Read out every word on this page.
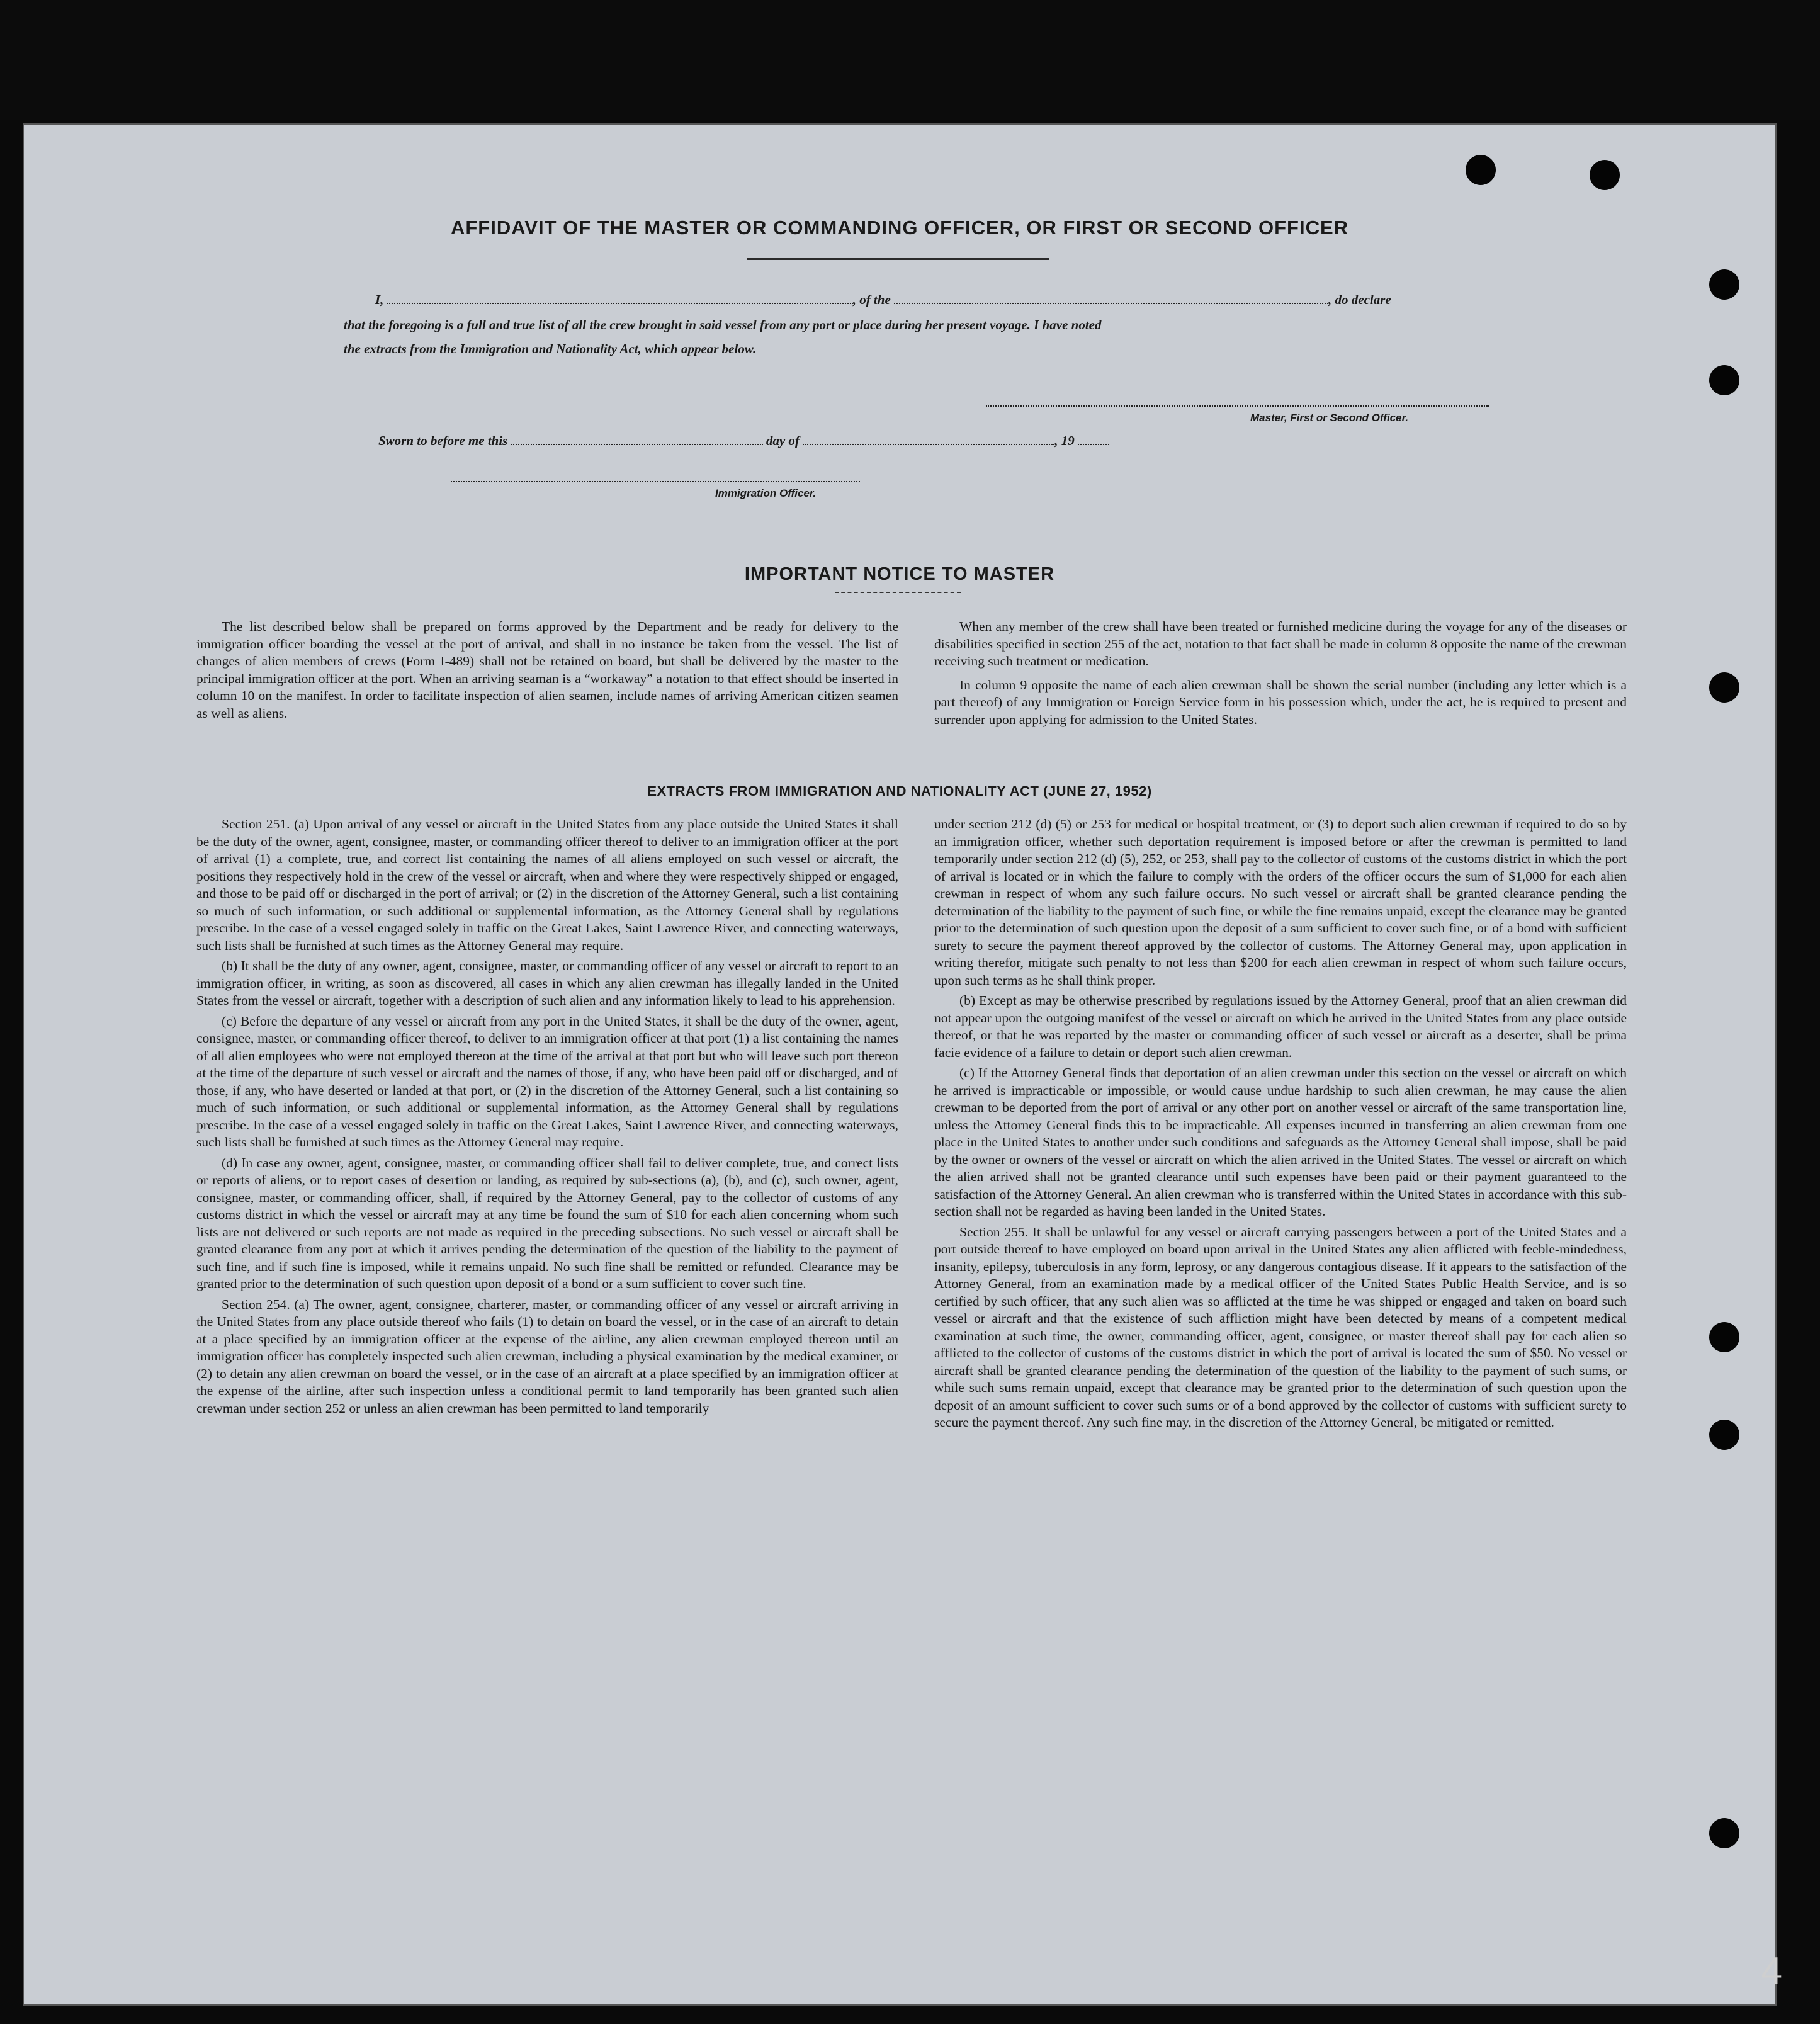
AFFIDAVIT OF THE MASTER OR COMMANDING OFFICER, OR FIRST OR SECOND OFFICER
I,	, of the	, do declare
that the foregoing is a full and true list of all the crew brought in said vessel from any port or place during her present voyage. I have noted
the extracts from the Immigration and Nationality Act, which appear below.
Master, First or Second Officer.
Sworn to before me this	day of	, 19
Immigration Officer.
IMPORTANT NOTICE TO MASTER

The list described below shall be prepared on forms approved by the Department and be ready for delivery to the immigration officer boarding the vessel at the port of arrival, and shall in no instance be taken from the vessel. The list of changes of alien members of crews (Form I-489) shall not be retained on board, but shall be delivered by the master to the principal immigration officer at the port. When an arriving seaman is a “workaway” a notation to that effect should be inserted in column 10 on the manifest. In order to facilitate inspection of alien seamen, include names of arriving American citizen seamen as well as aliens.

When any member of the crew shall have been treated or furnished medicine during the voyage for any of the diseases or disabilities specified in section 255 of the act, notation to that fact shall be made in column 8 opposite the name of the crewman receiving such treatment or medication.

In column 9 opposite the name of each alien crewman shall be shown the serial number (including any letter which is a part thereof) of any Immigration or Foreign Service form in his possession which, under the act, he is required to present and surrender upon applying for admission to the United States.

EXTRACTS FROM IMMIGRATION AND NATIONALITY ACT (JUNE 27, 1952)

Section 251. (a) Upon arrival of any vessel or aircraft in the United States from any place outside the United States it shall be the duty of the owner, agent, consignee, master, or commanding officer thereof to deliver to an immigration officer at the port of arrival (1) a complete, true, and correct list containing the names of all aliens employed on such vessel or aircraft, the positions they respectively hold in the crew of the vessel or aircraft, when and where they were respectively shipped or engaged, and those to be paid off or discharged in the port of arrival; or (2) in the discretion of the Attorney General, such a list containing so much of such information, or such additional or supplemental information, as the Attorney General shall by regulations prescribe. In the case of a vessel engaged solely in traffic on the Great Lakes, Saint Lawrence River, and connecting waterways, such lists shall be furnished at such times as the Attorney General may require.

(b) It shall be the duty of any owner, agent, consignee, master, or commanding officer of any vessel or aircraft to report to an immigration officer, in writing, as soon as discovered, all cases in which any alien crewman has illegally landed in the United States from the vessel or aircraft, together with a description of such alien and any information likely to lead to his apprehension.

(c) Before the departure of any vessel or aircraft from any port in the United States, it shall be the duty of the owner, agent, consignee, master, or commanding officer thereof, to deliver to an immigration officer at that port (1) a list containing the names of all alien employees who were not employed thereon at the time of the arrival at that port but who will leave such port thereon at the time of the departure of such vessel or aircraft and the names of those, if any, who have been paid off or discharged, and of those, if any, who have deserted or landed at that port, or (2) in the discretion of the Attorney General, such a list containing so much of such information, or such additional or supplemental information, as the Attorney General shall by regulations prescribe. In the case of a vessel engaged solely in traffic on the Great Lakes, Saint Lawrence River, and connecting waterways, such lists shall be furnished at such times as the Attorney General may require.

(d) In case any owner, agent, consignee, master, or commanding officer shall fail to deliver complete, true, and correct lists or reports of aliens, or to report cases of desertion or landing, as required by sub-sections (a), (b), and (c), such owner, agent, consignee, master, or commanding officer, shall, if required by the Attorney General, pay to the collector of customs of any customs district in which the vessel or aircraft may at any time be found the sum of $10 for each alien concerning whom such lists are not delivered or such reports are not made as required in the preceding subsections. No such vessel or aircraft shall be granted clearance from any port at which it arrives pending the determination of the question of the liability to the payment of such fine, and if such fine is imposed, while it remains unpaid. No such fine shall be remitted or refunded. Clearance may be granted prior to the determination of such question upon deposit of a bond or a sum sufficient to cover such fine.

Section 254. (a) The owner, agent, consignee, charterer, master, or commanding officer of any vessel or aircraft arriving in the United States from any place outside thereof who fails (1) to detain on board the vessel, or in the case of an aircraft to detain at a place specified by an immigration officer at the expense of the airline, any alien crewman employed thereon until an immigration officer has completely inspected such alien crewman, including a physical examination by the medical examiner, or (2) to detain any alien crewman on board the vessel, or in the case of an aircraft at a place specified by an immigration officer at the expense of the airline, after such inspection unless a conditional permit to land temporarily has been granted such alien crewman under section 252 or unless an alien crewman has been permitted to land temporarily

under section 212 (d) (5) or 253 for medical or hospital treatment, or (3) to deport such alien crewman if required to do so by an immigration officer, whether such deportation requirement is imposed before or after the crewman is permitted to land temporarily under section 212 (d) (5), 252, or 253, shall pay to the collector of customs of the customs district in which the port of arrival is located or in which the failure to comply with the orders of the officer occurs the sum of $1,000 for each alien crewman in respect of whom any such failure occurs. No such vessel or aircraft shall be granted clearance pending the determination of the liability to the payment of such fine, or while the fine remains unpaid, except the clearance may be granted prior to the determination of such question upon the deposit of a sum sufficient to cover such fine, or of a bond with sufficient surety to secure the payment thereof approved by the collector of customs. The Attorney General may, upon application in writing therefor, mitigate such penalty to not less than $200 for each alien crewman in respect of whom such failure occurs, upon such terms as he shall think proper.

(b) Except as may be otherwise prescribed by regulations issued by the Attorney General, proof that an alien crewman did not appear upon the outgoing manifest of the vessel or aircraft on which he arrived in the United States from any place outside thereof, or that he was reported by the master or commanding officer of such vessel or aircraft as a deserter, shall be prima facie evidence of a failure to detain or deport such alien crewman.

(c) If the Attorney General finds that deportation of an alien crewman under this section on the vessel or aircraft on which he arrived is impracticable or impossible, or would cause undue hardship to such alien crewman, he may cause the alien crewman to be deported from the port of arrival or any other port on another vessel or aircraft of the same transportation line, unless the Attorney General finds this to be impracticable. All expenses incurred in transferring an alien crewman from one place in the United States to another under such conditions and safeguards as the Attorney General shall impose, shall be paid by the owner or owners of the vessel or aircraft on which the alien arrived in the United States. The vessel or aircraft on which the alien arrived shall not be granted clearance until such expenses have been paid or their payment guaranteed to the satisfaction of the Attorney General. An alien crewman who is transferred within the United States in accordance with this sub-section shall not be regarded as having been landed in the United States.

Section 255. It shall be unlawful for any vessel or aircraft carrying passengers between a port of the United States and a port outside thereof to have employed on board upon arrival in the United States any alien afflicted with feeble-mindedness, insanity, epilepsy, tuberculosis in any form, leprosy, or any dangerous contagious disease. If it appears to the satisfaction of the Attorney General, from an examination made by a medical officer of the United States Public Health Service, and is so certified by such officer, that any such alien was so afflicted at the time he was shipped or engaged and taken on board such vessel or aircraft and that the existence of such affliction might have been detected by means of a competent medical examination at such time, the owner, commanding officer, agent, consignee, or master thereof shall pay for each alien so afflicted to the collector of customs of the customs district in which the port of arrival is located the sum of $50. No vessel or aircraft shall be granted clearance pending the determination of the question of the liability to the payment of such sums, or while such sums remain unpaid, except that clearance may be granted prior to the determination of such question upon the deposit of an amount sufficient to cover such sums or of a bond approved by the collector of customs with sufficient surety to secure the payment thereof. Any such fine may, in the discretion of the Attorney General, be mitigated or remitted.

4
